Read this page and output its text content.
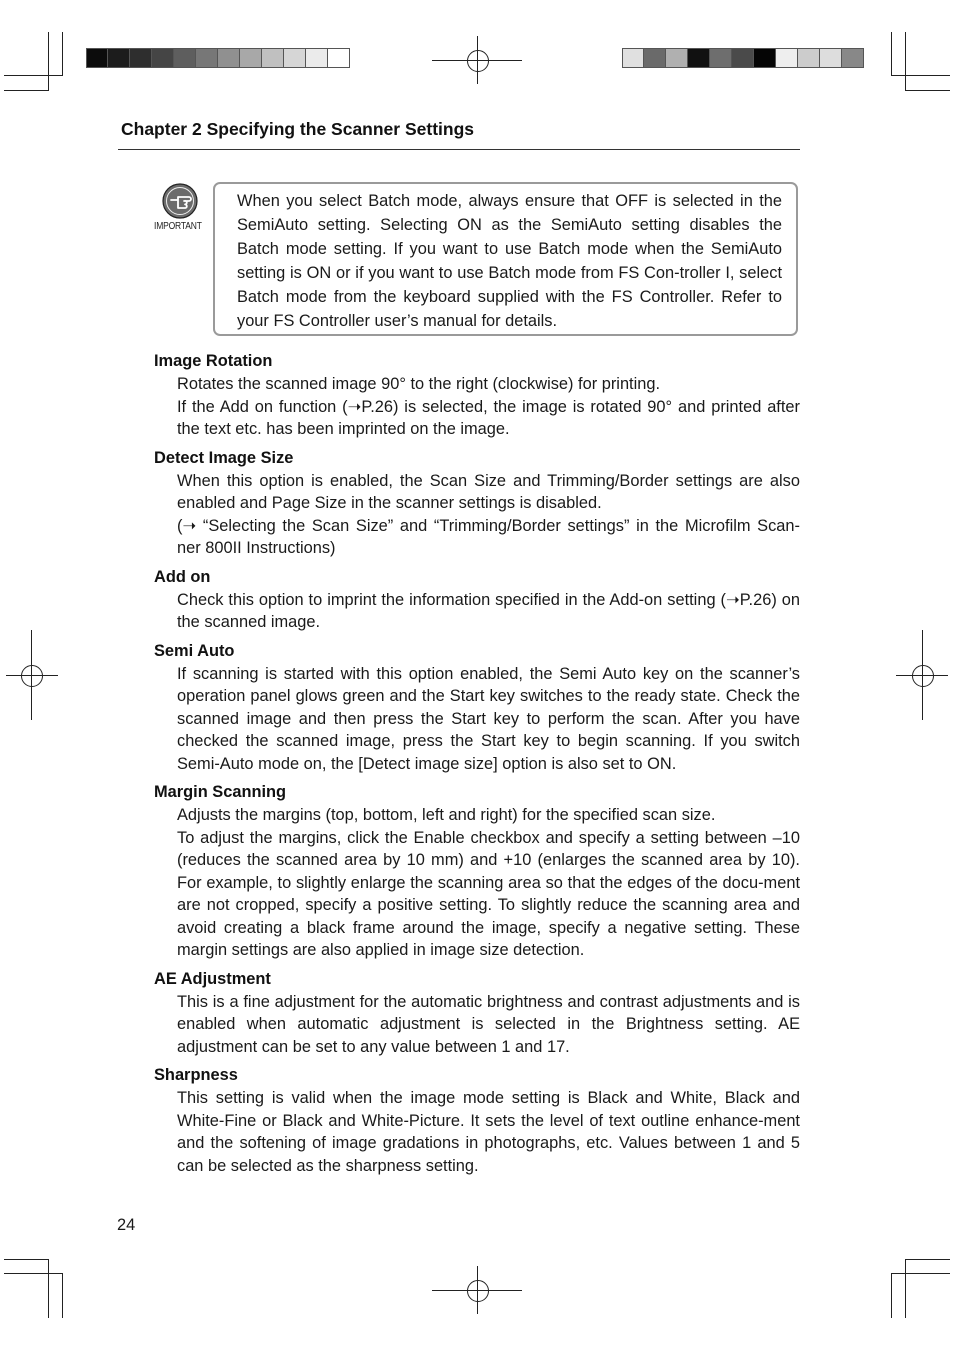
Chapter 2 Specifying the Scanner Settings
IMPORTANT
When you select Batch mode, always ensure that OFF is selected in the SemiAuto setting. Selecting ON as the SemiAuto setting disables the Batch mode setting. If you want to use Batch mode when the SemiAuto setting is ON or if you want to use Batch mode from FS Con-troller I, select Batch mode from the keyboard supplied with the FS Controller. Refer to your FS Controller user’s manual for details.
Image Rotation

Rotates the scanned image 90° to the right (clockwise) for printing.

If the Add on function (➝P.26) is selected, the image is rotated 90° and printed after the text etc. has been imprinted on the image.

Detect Image Size

When this option is enabled, the Scan Size and Trimming/Border settings are also enabled and Page Size in the scanner settings is disabled.

(➝ “Selecting the Scan Size” and “Trimming/Border settings” in the Microfilm Scan-ner 800II Instructions)

Add on

Check this option to imprint the information specified in the Add-on setting (➝P.26) on the scanned image.

Semi Auto

If scanning is started with this option enabled, the Semi Auto key on the scanner’s operation panel glows green and the Start key switches to the ready state. Check the scanned image and then press the Start key to perform the scan. After you have checked the scanned image, press the Start key to begin scanning. If you switch Semi-Auto mode on, the [Detect image size] option is also set to ON.

Margin Scanning

Adjusts the margins (top, bottom, left and right) for the specified scan size.

To adjust the margins, click the Enable checkbox and specify a setting between –10 (reduces the scanned area by 10 mm) and +10 (enlarges the scanned area by 10). For example, to slightly enlarge the scanning area so that the edges of the docu-ment are not cropped, specify a positive setting. To slightly reduce the scanning area and avoid creating a black frame around the image, specify a negative setting. These margin settings are also applied in image size detection.

AE Adjustment

This is a fine adjustment for the automatic brightness and contrast adjustments and is enabled when automatic adjustment is selected in the Brightness setting. AE adjustment can be set to any value between 1 and 17.

Sharpness

This setting is valid when the image mode setting is Black and White, Black and White-Fine or Black and White-Picture. It sets the level of text outline enhance-ment and the softening of image gradations in photographs, etc. Values between 1 and 5 can be selected as the sharpness setting.

24
